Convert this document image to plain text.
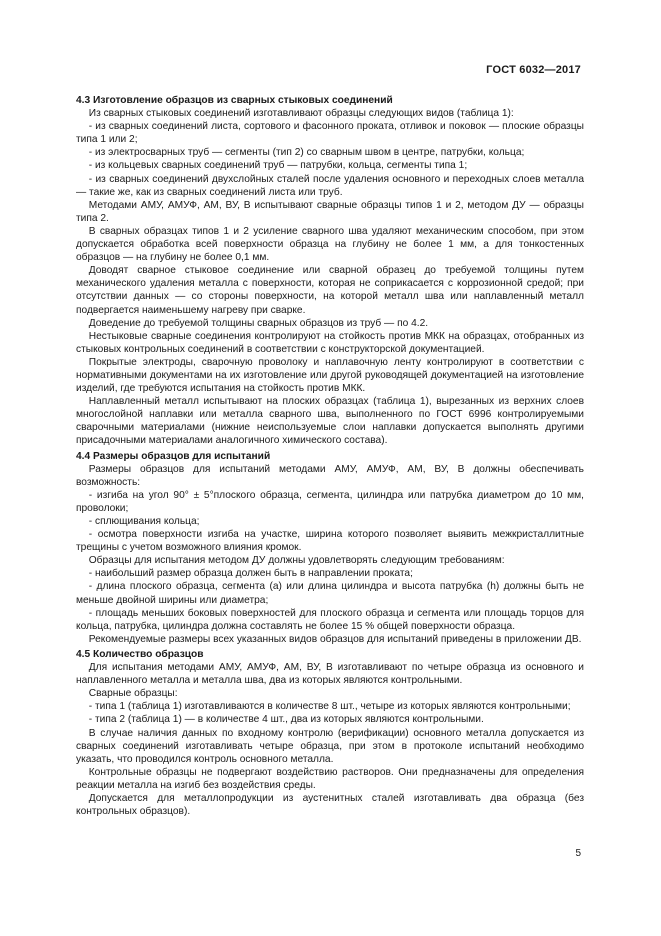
ГОСТ 6032—2017

4.3 Изготовление образцов из сварных стыковых соединений

Из сварных стыковых соединений изготавливают образцы следующих видов (таблица 1):

- из сварных соединений листа, сортового и фасонного проката, отливок и поковок — плоские образцы типа 1 или 2;

- из электросварных труб — сегменты (тип 2) со сварным швом в центре, патрубки, кольца;

- из кольцевых сварных соединений труб — патрубки, кольца, сегменты типа 1;

- из сварных соединений двухслойных сталей после удаления основного и переходных слоев металла — такие же, как из сварных соединений листа или труб.

Методами АМУ, АМУФ, АМ, ВУ, В испытывают сварные образцы типов 1 и 2, методом ДУ — образцы типа 2.

В сварных образцах типов 1 и 2 усиление сварного шва удаляют механическим способом, при этом допускается обработка всей поверхности образца на глубину не более 1 мм, а для тонкостенных образцов — на глубину не более 0,1 мм.

Доводят сварное стыковое соединение или сварной образец до требуемой толщины путем механического удаления металла с поверхности, которая не соприкасается с коррозионной средой; при отсутствии данных — со стороны поверхности, на которой металл шва или наплавленный металл подвергается наименьшему нагреву при сварке.

Доведение до требуемой толщины сварных образцов из труб — по 4.2.

Нестыковые сварные соединения контролируют на стойкость против МКК на образцах, отобранных из стыковых контрольных соединений в соответствии с конструкторской документацией.

Покрытые электроды, сварочную проволоку и наплавочную ленту контролируют в соответствии с нормативными документами на их изготовление или другой руководящей документацией на изготовление изделий, где требуются испытания на стойкость против МКК.

Наплавленный металл испытывают на плоских образцах (таблица 1), вырезанных из верхних слоев многослойной наплавки или металла сварного шва, выполненного по ГОСТ 6996 контролируемыми сварочными материалами (нижние неиспользуемые слои наплавки допускается выполнять другими присадочными материалами аналогичного химического состава).

4.4 Размеры образцов для испытаний

Размеры образцов для испытаний методами АМУ, АМУФ, АМ, ВУ, В должны обеспечивать возможность:

- изгиба на угол 90° ± 5°плоского образца, сегмента, цилиндра или патрубка диаметром до 10 мм, проволоки;

- сплющивания кольца;

- осмотра поверхности изгиба на участке, ширина которого позволяет выявить межкристаллитные трещины с учетом возможного влияния кромок.

Образцы для испытания методом ДУ должны удовлетворять следующим требованиям:

- наибольший размер образца должен быть в направлении проката;

- длина плоского образца, сегмента (a) или длина цилиндра и высота патрубка (h) должны быть не меньше двойной ширины или диаметра;

- площадь меньших боковых поверхностей для плоского образца и сегмента или площадь торцов для кольца, патрубка, цилиндра должна составлять не более 15 % общей поверхности образца.

Рекомендуемые размеры всех указанных видов образцов для испытаний приведены в приложении ДВ.

4.5 Количество образцов

Для испытания методами АМУ, АМУФ, АМ, ВУ, В изготавливают по четыре образца из основного и наплавленного металла и металла шва, два из которых являются контрольными.

Сварные образцы:

- типа 1 (таблица 1) изготавливаются в количестве 8 шт., четыре из которых являются контрольными;

- типа 2 (таблица 1) — в количестве 4 шт., два из которых являются контрольными.

В случае наличия данных по входному контролю (верификации) основного металла допускается из сварных соединений изготавливать четыре образца, при этом в протоколе испытаний необходимо указать, что проводился контроль основного металла.

Контрольные образцы не подвергают воздействию растворов. Они предназначены для определения реакции металла на изгиб без воздействия среды.

Допускается для металлопродукции из аустенитных сталей изготавливать два образца (без контрольных образцов).

5
